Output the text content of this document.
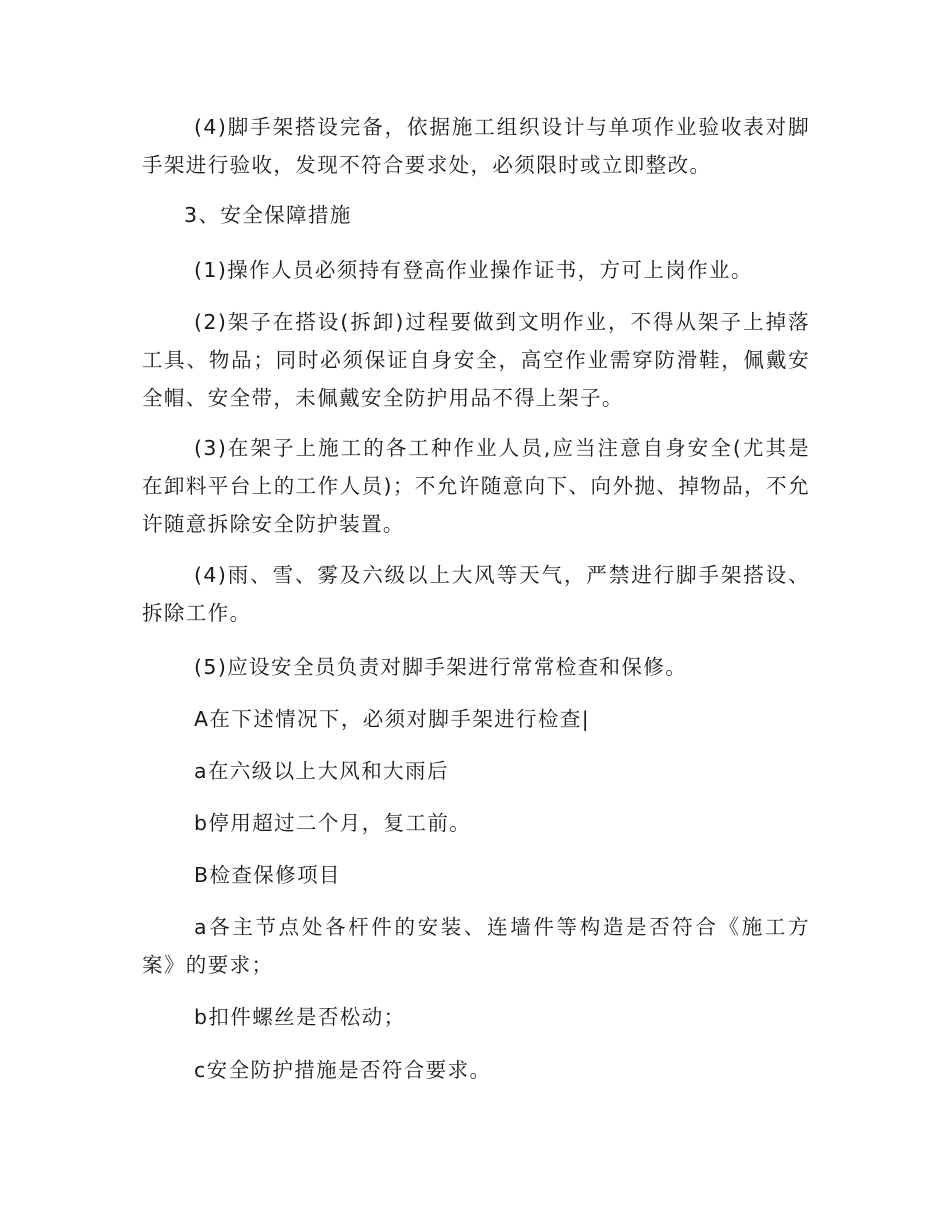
(4)脚手架搭设完备，依据施工组织设计与单项作业验收表对脚手架进行验收，发现不符合要求处，必须限时或立即整改。

3、安全保障措施

(1)操作人员必须持有登高作业操作证书，方可上岗作业。

(2)架子在搭设(拆卸)过程要做到文明作业，不得从架子上掉落工具、物品；同时必须保证自身安全，高空作业需穿防滑鞋，佩戴安全帽、安全带，未佩戴安全防护用品不得上架子。

(3)在架子上施工的各工种作业人员,应当注意自身安全(尤其是在卸料平台上的工作人员)；不允许随意向下、向外抛、掉物品，不允许随意拆除安全防护装置。

(4)雨、雪、雾及六级以上大风等天气，严禁进行脚手架搭设、拆除工作。

(5)应设安全员负责对脚手架进行常常检查和保修。

A在下述情况下，必须对脚手架进行检查|

a在六级以上大风和大雨后

b停用超过二个月，复工前。

B检查保修项目

a各主节点处各杆件的安装、连墙件等构造是否符合《施工方案》的要求；

b扣件螺丝是否松动；

c安全防护措施是否符合要求。
